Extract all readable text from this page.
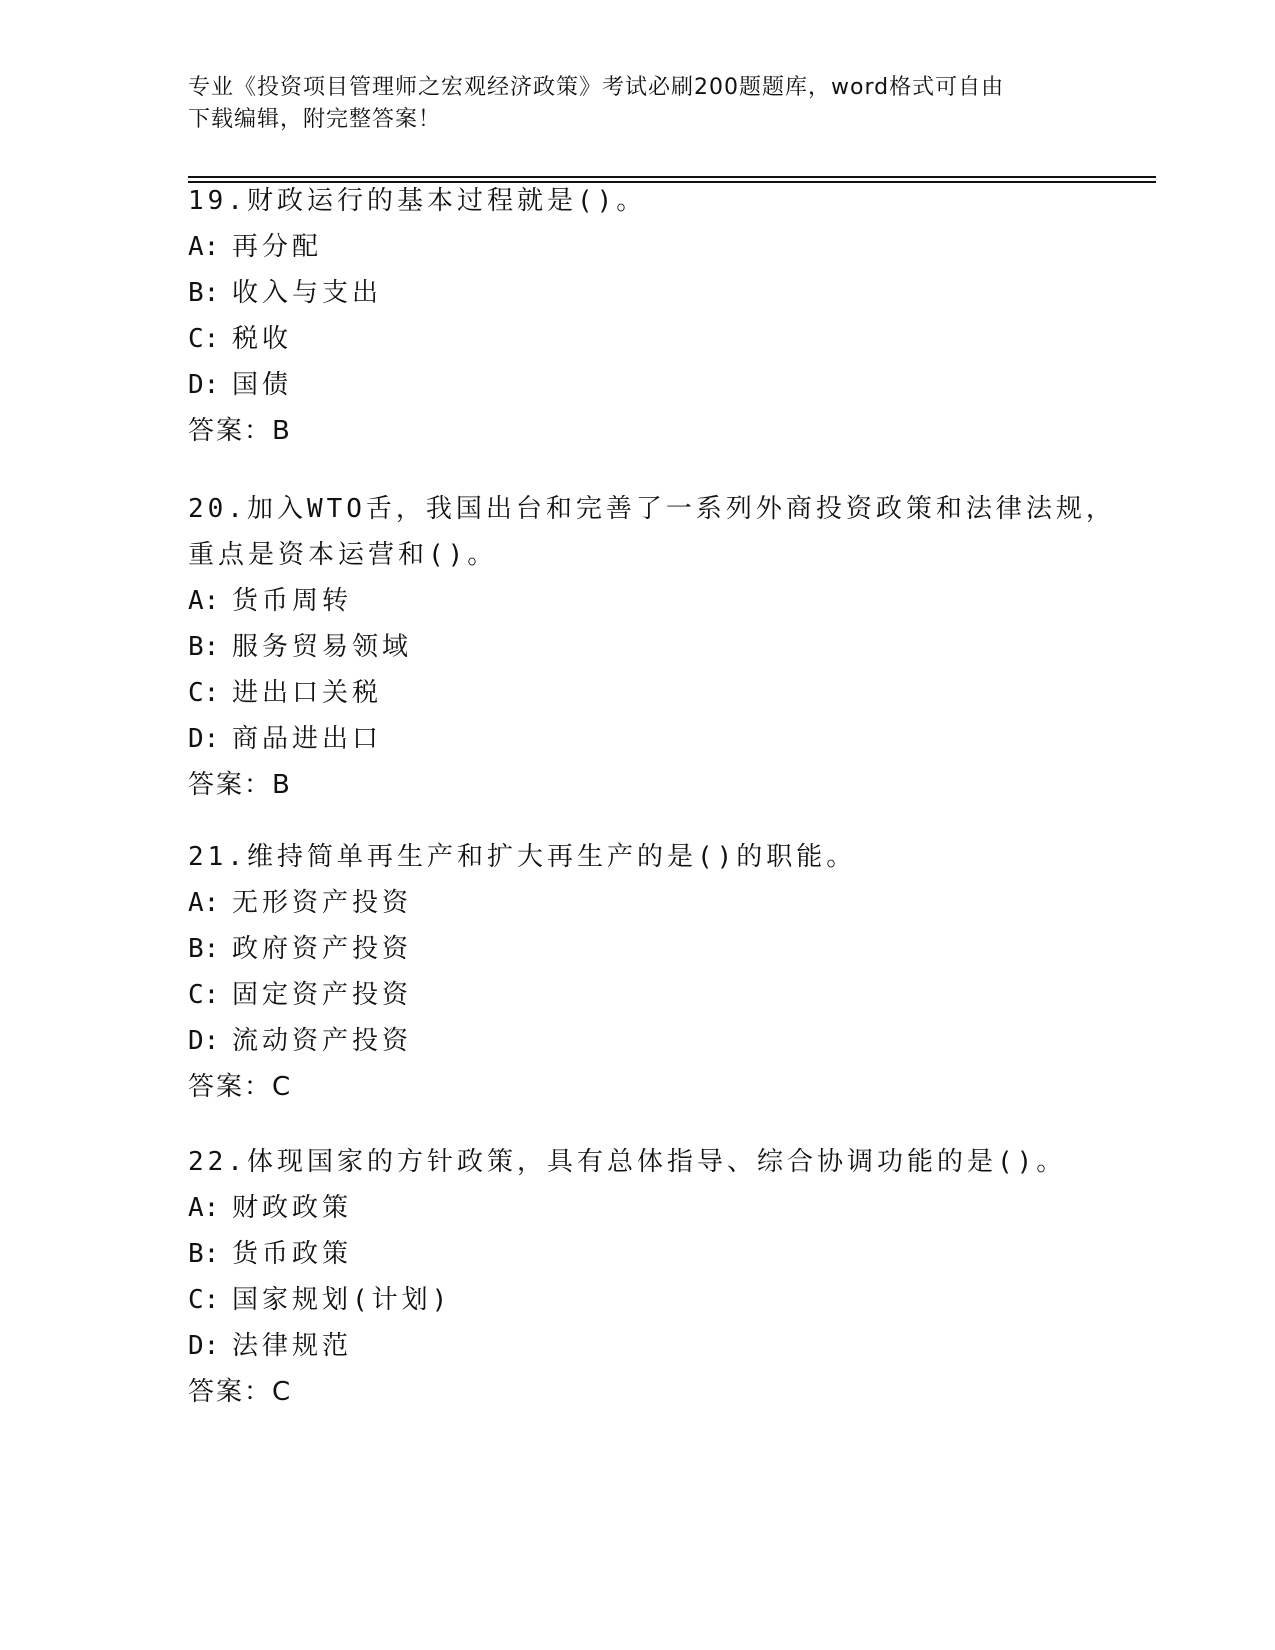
专业《投资项目管理师之宏观经济政策》考试必刷200题题库，word格式可自由
下载编辑，附完整答案！
19.财政运行的基本过程就是()。
A: 再分配
B: 收入与支出
C: 税收
D: 国债
答案：B
20.加入WTO舌，我国出台和完善了一系列外商投资政策和法律法规，
重点是资本运营和()。
A: 货币周转
B: 服务贸易领域
C: 进出口关税
D: 商品进出口
答案：B
21.维持简单再生产和扩大再生产的是()的职能。
A: 无形资产投资
B: 政府资产投资
C: 固定资产投资
D: 流动资产投资
答案：C
22.体现国家的方针政策，具有总体指导、综合协调功能的是()。
A: 财政政策
B: 货币政策
C: 国家规划(计划)
D: 法律规范
答案：C
